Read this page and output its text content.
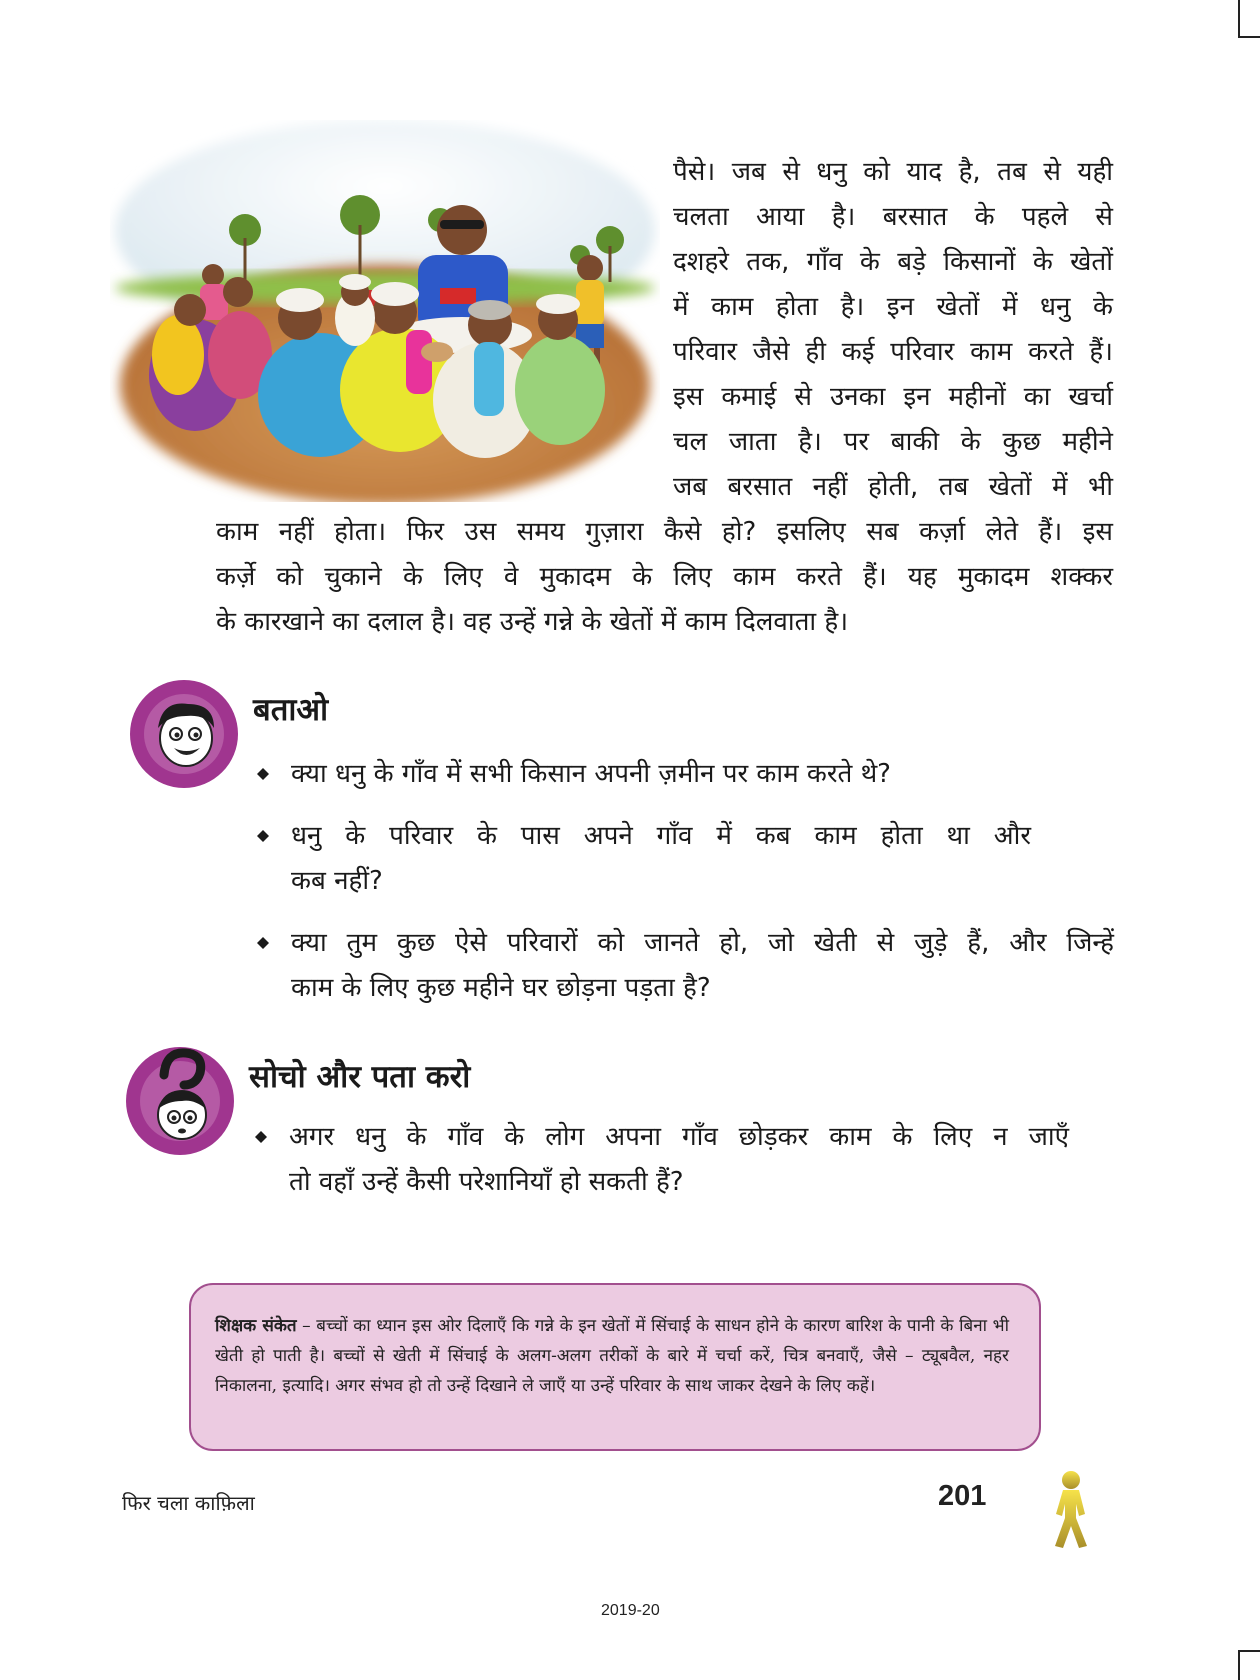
पैसे। जब से धनु को याद है, तब से यही
चलता आया है। बरसात के पहले से
दशहरे तक, गाँव के बड़े किसानों के खेतों
में काम होता है। इन खेतों में धनु के
परिवार जैसे ही कई परिवार काम करते हैं।
इस कमाई से उनका इन महीनों का खर्चा
चल जाता है। पर बाकी के कुछ महीने
जब बरसात नहीं होती, तब खेतों में भी

काम नहीं होता। फिर उस समय गुज़ारा कैसे हो? इसलिए सब कर्ज़ा लेते हैं। इस
कर्ज़े को चुकाने के लिए वे मुकादम के लिए काम करते हैं। यह मुकादम शक्कर
के कारखाने का दलाल है। वह उन्हें गन्ने के खेतों में काम दिलवाता है।

बताओ
क्या धनु के गाँव में सभी किसान अपनी ज़मीन पर काम करते थे?
धनु के परिवार के पास अपने गाँव में कब काम होता था और
कब नहीं?
क्या तुम कुछ ऐसे परिवारों को जानते हो, जो खेती से जुड़े हैं, और जिन्हें
काम के लिए कुछ महीने घर छोड़ना पड़ता है?
सोचो और पता करो
अगर धनु के गाँव के लोग अपना गाँव छोड़कर काम के लिए न जाएँ
तो वहाँ उन्हें कैसी परेशानियाँ हो सकती हैं?
शिक्षक संकेत – बच्चों का ध्यान इस ओर दिलाएँ कि गन्ने के इन खेतों में सिंचाई के साधन होने के कारण बारिश के पानी के बिना भी खेती हो पाती है। बच्चों से खेती में सिंचाई के अलग-अलग तरीकों के बारे में चर्चा करें, चित्र बनवाएँ, जैसे – ट्यूबवैल, नहर निकालना, इत्यादि। अगर संभव हो तो उन्हें दिखाने ले जाएँ या उन्हें परिवार के साथ जाकर देखने के लिए कहें।
फिर चला काफ़िला	201
2019-20
